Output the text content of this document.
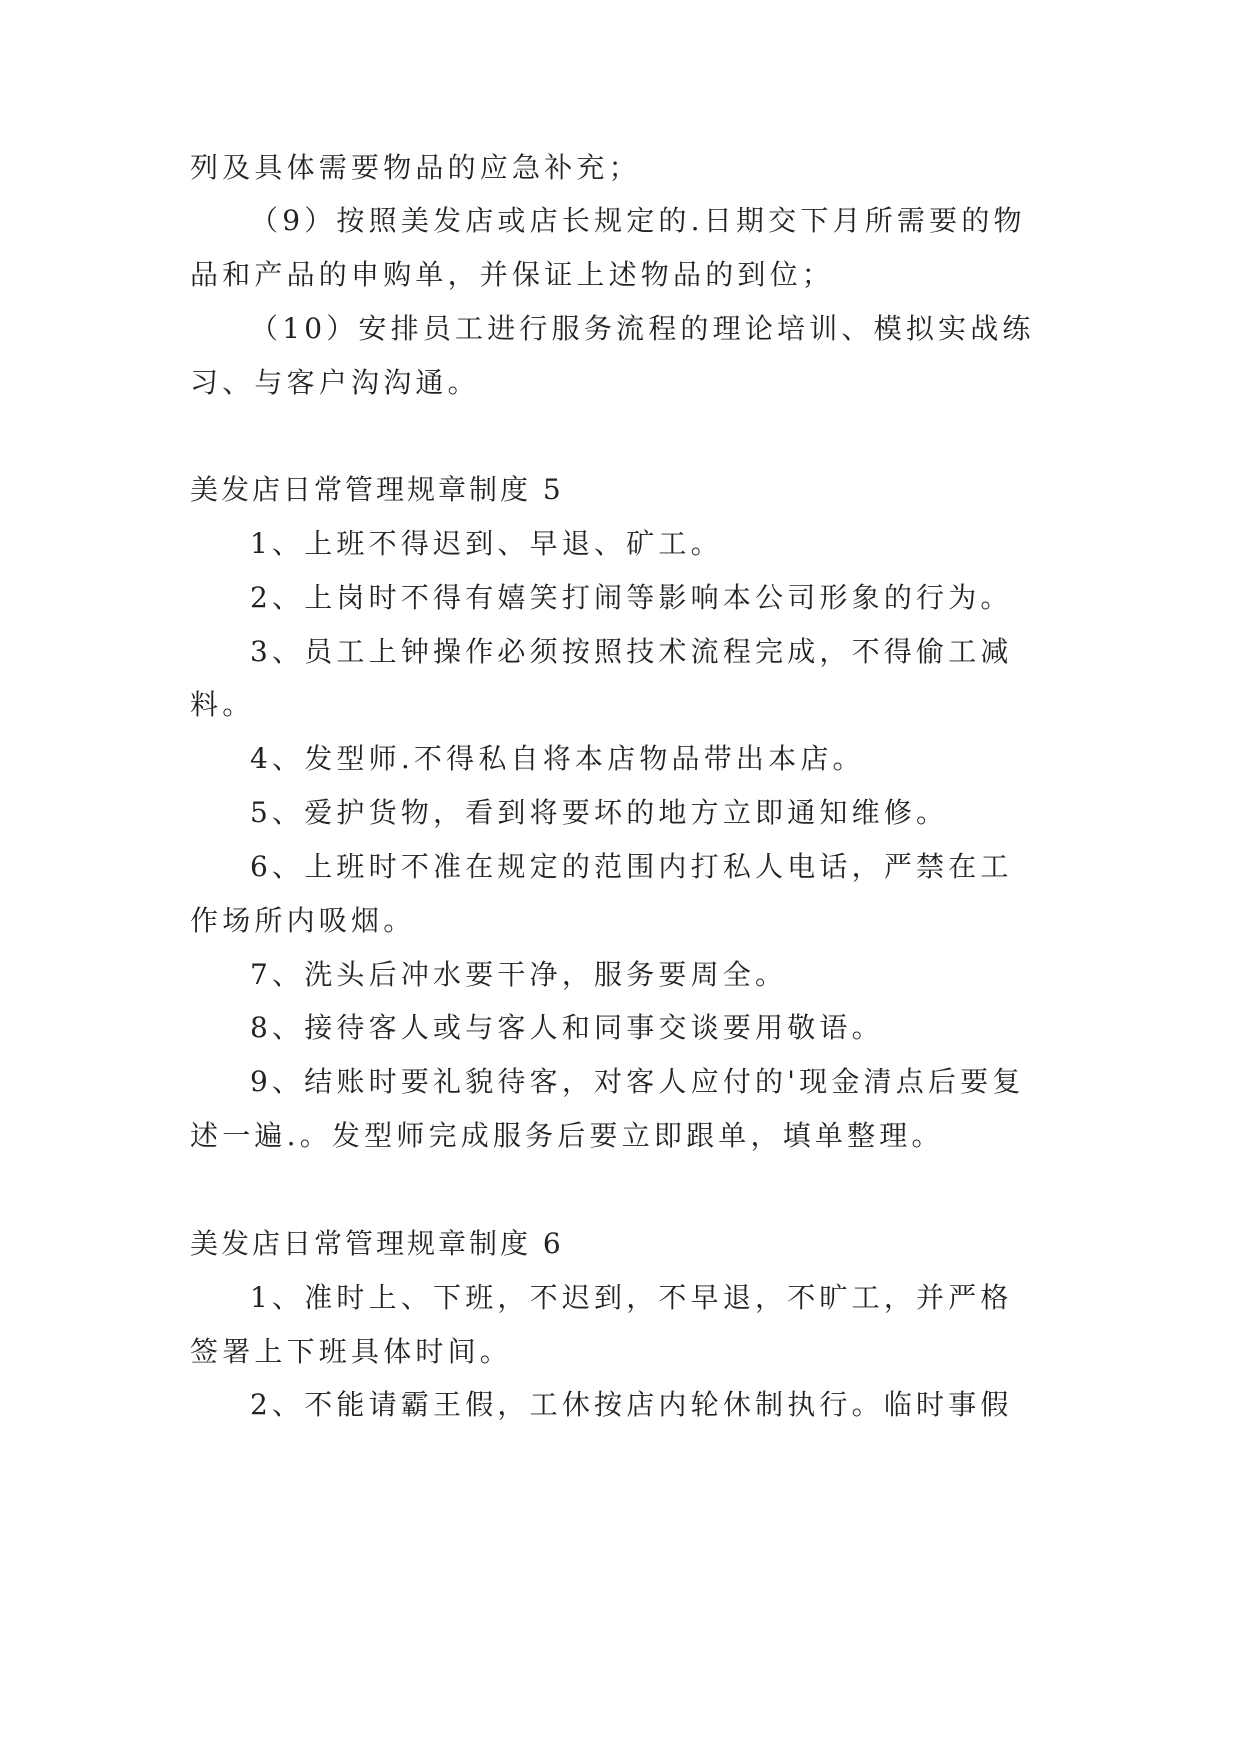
列及具体需要物品的应急补充；
（9）按照美发店或店长规定的.日期交下月所需要的物
品和产品的申购单，并保证上述物品的到位；
（10）安排员工进行服务流程的理论培训、模拟实战练
习、与客户沟沟通。
美发店日常管理规章制度 5
1、上班不得迟到、早退、矿工。
2、上岗时不得有嬉笑打闹等影响本公司形象的行为。
3、员工上钟操作必须按照技术流程完成，不得偷工减
料。
4、发型师.不得私自将本店物品带出本店。
5、爱护货物，看到将要坏的地方立即通知维修。
6、上班时不准在规定的范围内打私人电话，严禁在工
作场所内吸烟。
7、洗头后冲水要干净，服务要周全。
8、接待客人或与客人和同事交谈要用敬语。
9、结账时要礼貌待客，对客人应付的'现金清点后要复
述一遍.。发型师完成服务后要立即跟单，填单整理。
美发店日常管理规章制度 6
1、准时上、下班，不迟到，不早退，不旷工，并严格
签署上下班具体时间。
2、不能请霸王假，工休按店内轮休制执行。临时事假
